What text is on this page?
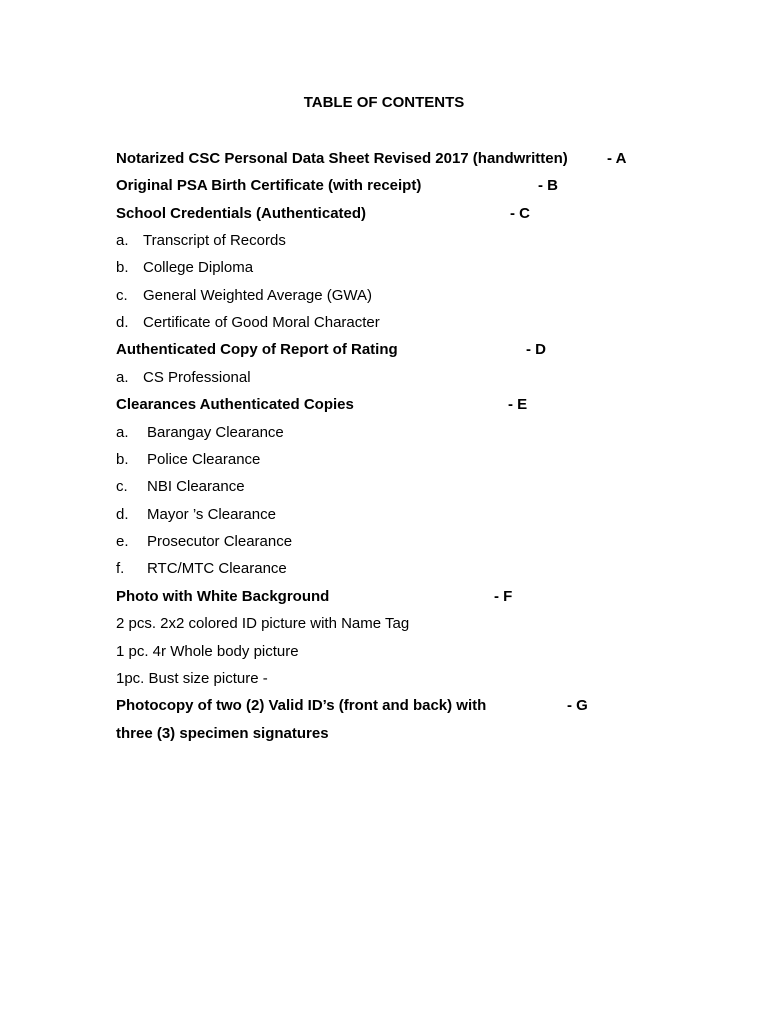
TABLE OF CONTENTS
Notarized CSC Personal Data Sheet Revised 2017 (handwritten)	- A
Original PSA Birth Certificate (with receipt)	- B
School Credentials (Authenticated)	- C
a. Transcript of Records
b. College Diploma
c. General Weighted Average (GWA)
d. Certificate of Good Moral Character
Authenticated Copy of Report of Rating	- D
a. CS Professional
Clearances Authenticated Copies	- E
a. Barangay Clearance
b. Police Clearance
c. NBI Clearance
d. Mayor ’s Clearance
e. Prosecutor Clearance
f. RTC/MTC Clearance
Photo with White Background	- F
2 pcs. 2x2 colored ID picture with Name Tag
1 pc. 4r Whole body picture
1pc. Bust size picture -
Photocopy of two (2) Valid ID’s (front and back) with	- G
three (3) specimen signatures
